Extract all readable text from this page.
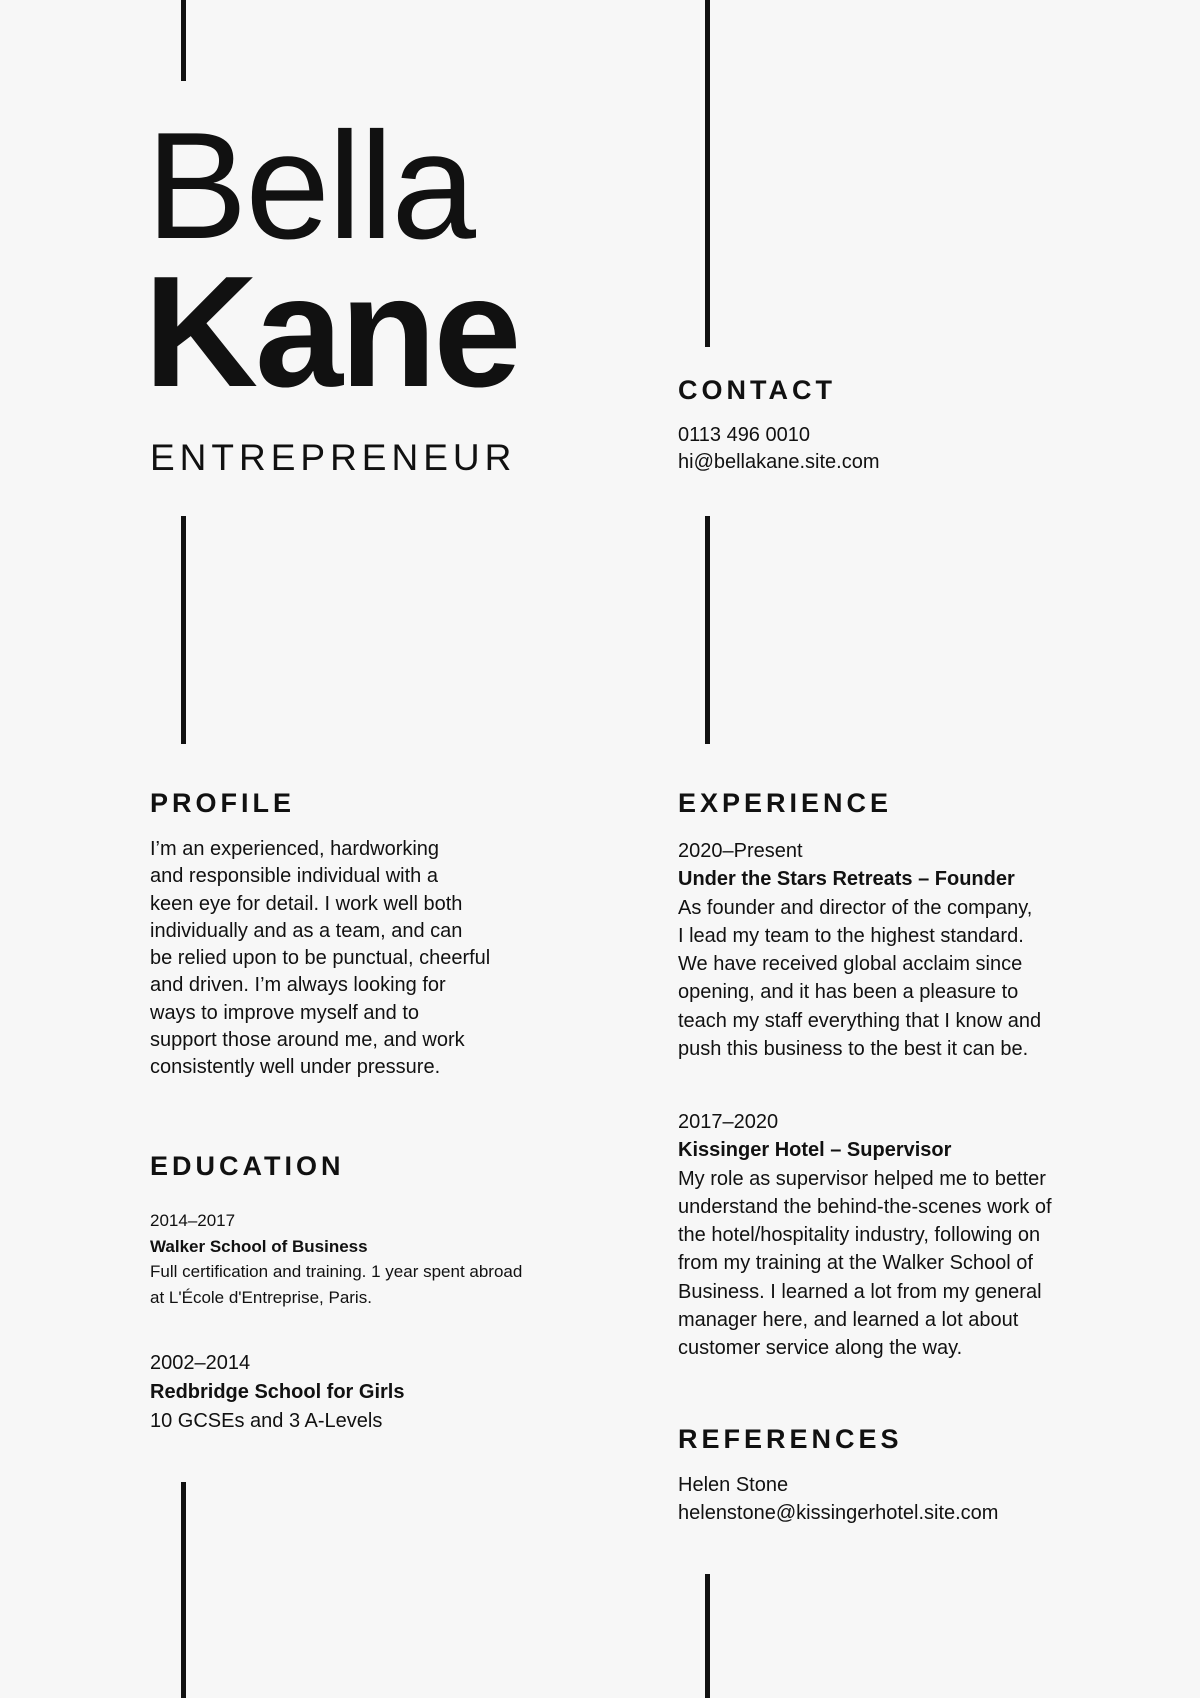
Bella
Kane
ENTREPRENEUR
CONTACT
0113 496 0010
hi@bellakane.site.com
PROFILE
I’m an experienced, hardworking
and responsible individual with a
keen eye for detail. I work well both
individually and as a team, and can
be relied upon to be punctual, cheerful
and driven. I’m always looking for
ways to improve myself and to
support those around me, and work
consistently well under pressure.
EDUCATION
2014–2017
Walker School of Business
Full certification and training. 1 year spent abroad
at L'École d'Entreprise, Paris.
2002–2014
Redbridge School for Girls
10 GCSEs and 3 A-Levels
EXPERIENCE
2020–Present
Under the Stars Retreats – Founder
As founder and director of the company,
I lead my team to the highest standard.
We have received global acclaim since
opening, and it has been a pleasure to
teach my staff everything that I know and
push this business to the best it can be.
2017–2020
Kissinger Hotel – Supervisor
My role as supervisor helped me to better
understand the behind-the-scenes work of
the hotel/hospitality industry, following on
from my training at the Walker School of
Business. I learned a lot from my general
manager here, and learned a lot about
customer service along the way.
REFERENCES
Helen Stone
helenstone@kissingerhotel.site.com
